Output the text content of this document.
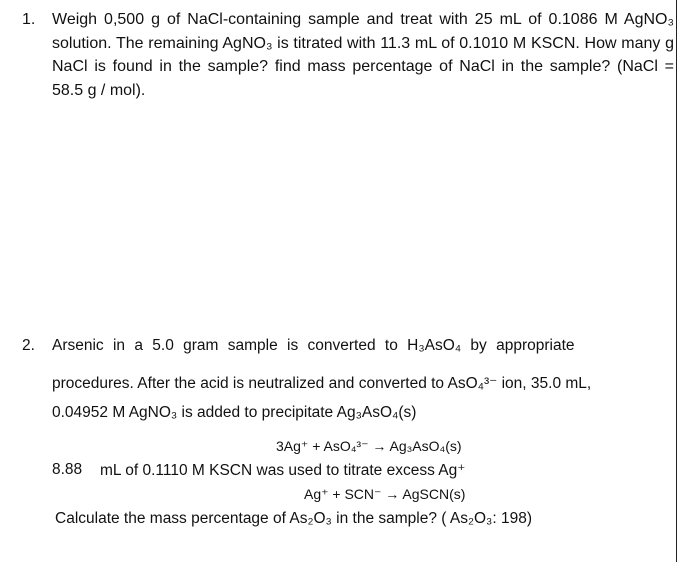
1. Weigh 0,500 g of NaCl-containing sample and treat with 25 mL of 0.1086 M AgNO₃ solution. The remaining AgNO₃ is titrated with 11.3 mL of 0.1010 M KSCN. How many g NaCl is found in the sample? find mass percentage of NaCl in the sample? (NaCl = 58.5 g / mol).
2. Arsenic in a 5.0 gram sample is converted to H₃AsO₄ by appropriate
procedures. After the acid is neutralized and converted to AsO₄³⁻ ion, 35.0 mL,
0.04952 M AgNO₃ is added to precipitate Ag₃AsO₄(s)
3Ag⁺ + AsO₄³⁻ → Ag₃AsO₄(s)
8.88 mL of 0.1110 M KSCN was used to titrate excess Ag⁺
Ag⁺ + SCN⁻ → AgSCN(s)
Calculate the mass percentage of As₂O₃ in the sample? ( As₂O₃: 198)
